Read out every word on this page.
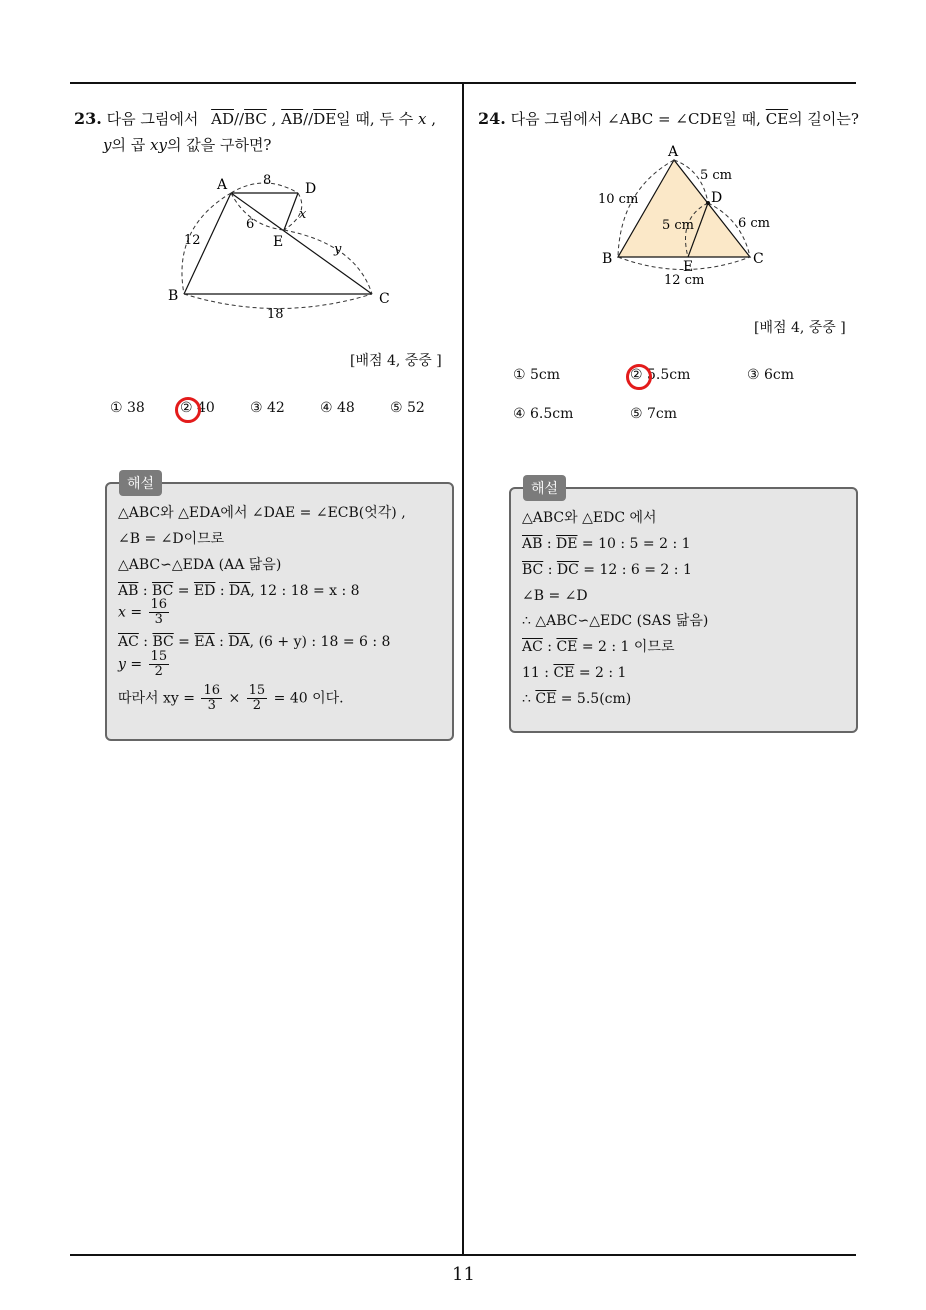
23. 다음 그림에서 $\overline{AD}//\overline{BC}$ , $\overline{AB}//\overline{DE}$일 때, 두 수 x ,
y의 곱 xy의 값을 구하면?
A	D
E
B	C
8
12
6
x
y
18
[배점 4, 중중 ]
① 38	② 40	③ 42	④ 48	⑤ 52
해설
△ABC와 △EDA에서 ∠DAE = ∠ECB(엇각) ,
∠B = ∠D이므로
△ABC∽△EDA (AA 닮음)
$\overline{AB}$ : $\overline{BC} = \overline{ED}$ : $\overline{DA}$, 12 : 18 = x : 8
$x = \frac{16}{3}$
$\overline{AC}$ : $\overline{BC} = \overline{EA}$ : $\overline{DA}$, (6 + y) : 18 = 6 : 8
$y = \frac{15}{2}$
따라서 xy = $\frac{16}{3} \times \frac{15}{2} = 40$ 이다.
24. 다음 그림에서 ∠ABC = ∠CDE일 때, $\overline{CE}$의 길이는?
A
B	C
D
E
5 cm
10 cm
5 cm	6 cm
12 cm
[배점 4, 중중 ]
① 5cm	② 5.5cm	③ 6cm
④ 6.5cm	⑤ 7cm
해설
△ABC와 △EDC 에서
$\overline{AB}$ : $\overline{DE} = 10$ : 5 = 2 : 1
$\overline{BC}$ : $\overline{DC} = 12$ : 6 = 2 : 1
∠B = ∠D
∴ △ABC∽△EDC (SAS 닮음)
$\overline{AC}$ : $\overline{CE} = 2$ : 1 이므로
11 : $\overline{CE} = 2$ : 1
∴ $\overline{CE} = 5.5(cm)$
11
